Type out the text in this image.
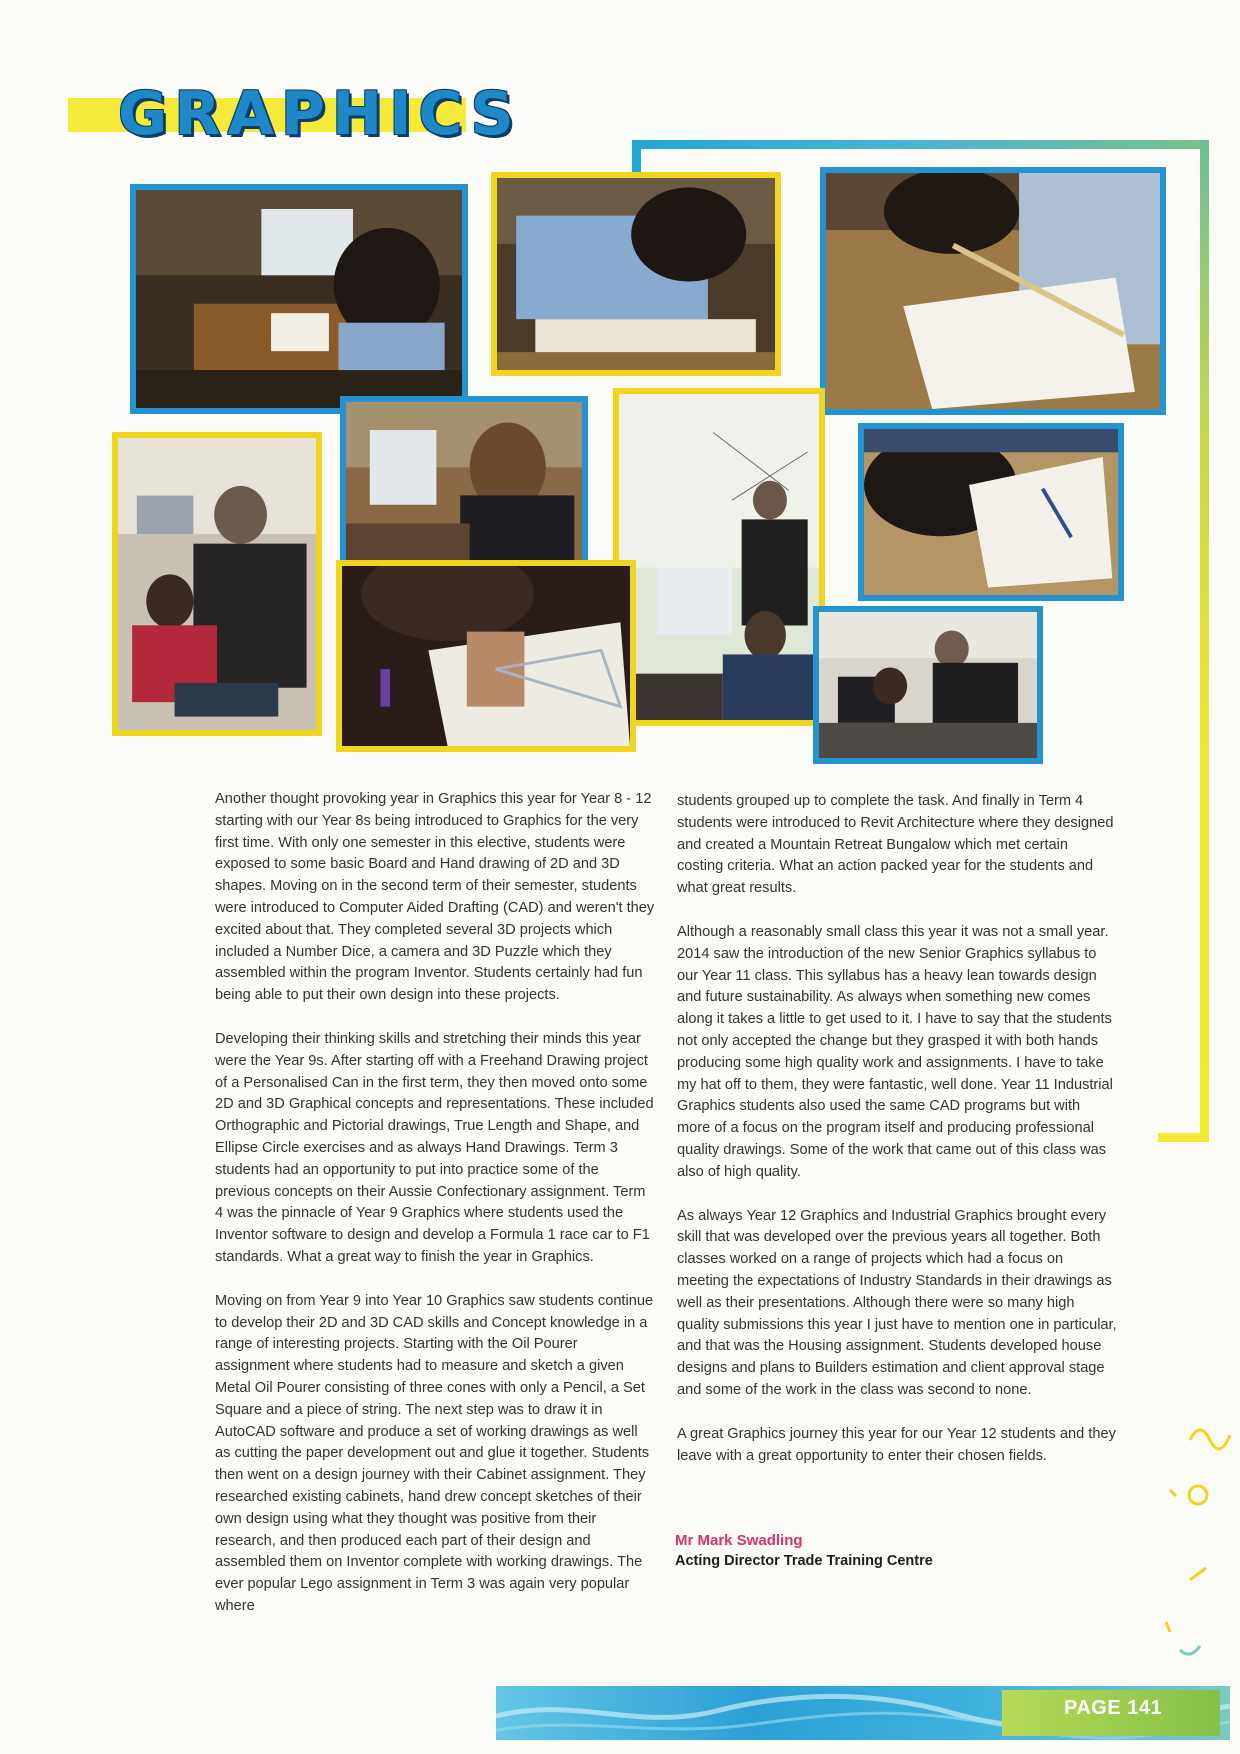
GRAPHICS

Another thought provoking year in Graphics this year for Year 8 - 12 starting with our Year 8s being introduced to Graphics for the very first time. With only one semester in this elective, students were exposed to some basic Board and Hand drawing of 2D and 3D shapes. Moving on in the second term of their semester, students were introduced to Computer Aided Drafting (CAD) and weren't they excited about that. They completed several 3D projects which included a Number Dice, a camera and 3D Puzzle which they assembled within the program Inventor. Students certainly had fun being able to put their own design into these projects.

Developing their thinking skills and stretching their minds this year were the Year 9s. After starting off with a Freehand Drawing project of a Personalised Can in the first term, they then moved onto some 2D and 3D Graphical concepts and representations. These included Orthographic and Pictorial drawings, True Length and Shape, and Ellipse Circle exercises and as always Hand Drawings. Term 3 students had an opportunity to put into practice some of the previous concepts on their Aussie Confectionary assignment. Term 4 was the pinnacle of Year 9 Graphics where students used the Inventor software to design and develop a Formula 1 race car to F1 standards. What a great way to finish the year in Graphics.

Moving on from Year 9 into Year 10 Graphics saw students continue to develop their 2D and 3D CAD skills and Concept knowledge in a range of interesting projects. Starting with the Oil Pourer assignment where students had to measure and sketch a given Metal Oil Pourer consisting of three cones with only a Pencil, a Set Square and a piece of string. The next step was to draw it in AutoCAD software and produce a set of working drawings as well as cutting the paper development out and glue it together. Students then went on a design journey with their Cabinet assignment. They researched existing cabinets, hand drew concept sketches of their own design using what they thought was positive from their research, and then produced each part of their design and assembled them on Inventor complete with working drawings. The ever popular Lego assignment in Term 3 was again very popular where

students grouped up to complete the task. And finally in Term 4 students were introduced to Revit Architecture where they designed and created a Mountain Retreat Bungalow which met certain costing criteria. What an action packed year for the students and what great results.

Although a reasonably small class this year it was not a small year. 2014 saw the introduction of the new Senior Graphics syllabus to our Year 11 class. This syllabus has a heavy lean towards design and future sustainability. As always when something new comes along it takes a little to get used to it. I have to say that the students not only accepted the change but they grasped it with both hands producing some high quality work and assignments. I have to take my hat off to them, they were fantastic, well done. Year 11 Industrial Graphics students also used the same CAD programs but with more of a focus on the program itself and producing professional quality drawings. Some of the work that came out of this class was also of high quality.

As always Year 12 Graphics and Industrial Graphics brought every skill that was developed over the previous years all together. Both classes worked on a range of projects which had a focus on meeting the expectations of Industry Standards in their drawings as well as their presentations. Although there were so many high quality submissions this year I just have to mention one in particular, and that was the Housing assignment. Students developed house designs and plans to Builders estimation and client approval stage and some of the work in the class was second to none.

A great Graphics journey this year for our Year 12 students and they leave with a great opportunity to enter their chosen fields.

Mr Mark Swadling

Acting Director Trade Training Centre

PAGE 141
